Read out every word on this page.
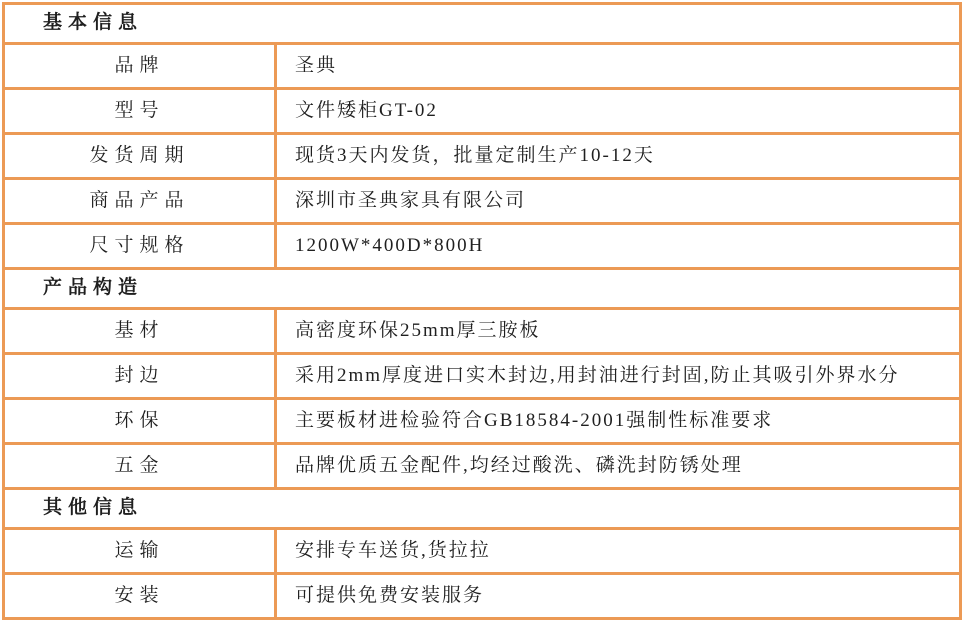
基本信息	
品牌	圣典
型号	文件矮柜GT-02
发货周期	现货3天内发货，批量定制生产10-12天
商品产品	深圳市圣典家具有限公司
尺寸规格	1200W*400D*800H
产品构造	
基材	高密度环保25mm厚三胺板
封边	采用2mm厚度进口实木封边,用封油进行封固,防止其吸引外界水分
环保	主要板材进检验符合GB18584-2001强制性标准要求
五金	品牌优质五金配件,均经过酸洗、磷洗封防锈处理
其他信息	
运输	安排专车送货,货拉拉
安装	可提供免费安装服务
